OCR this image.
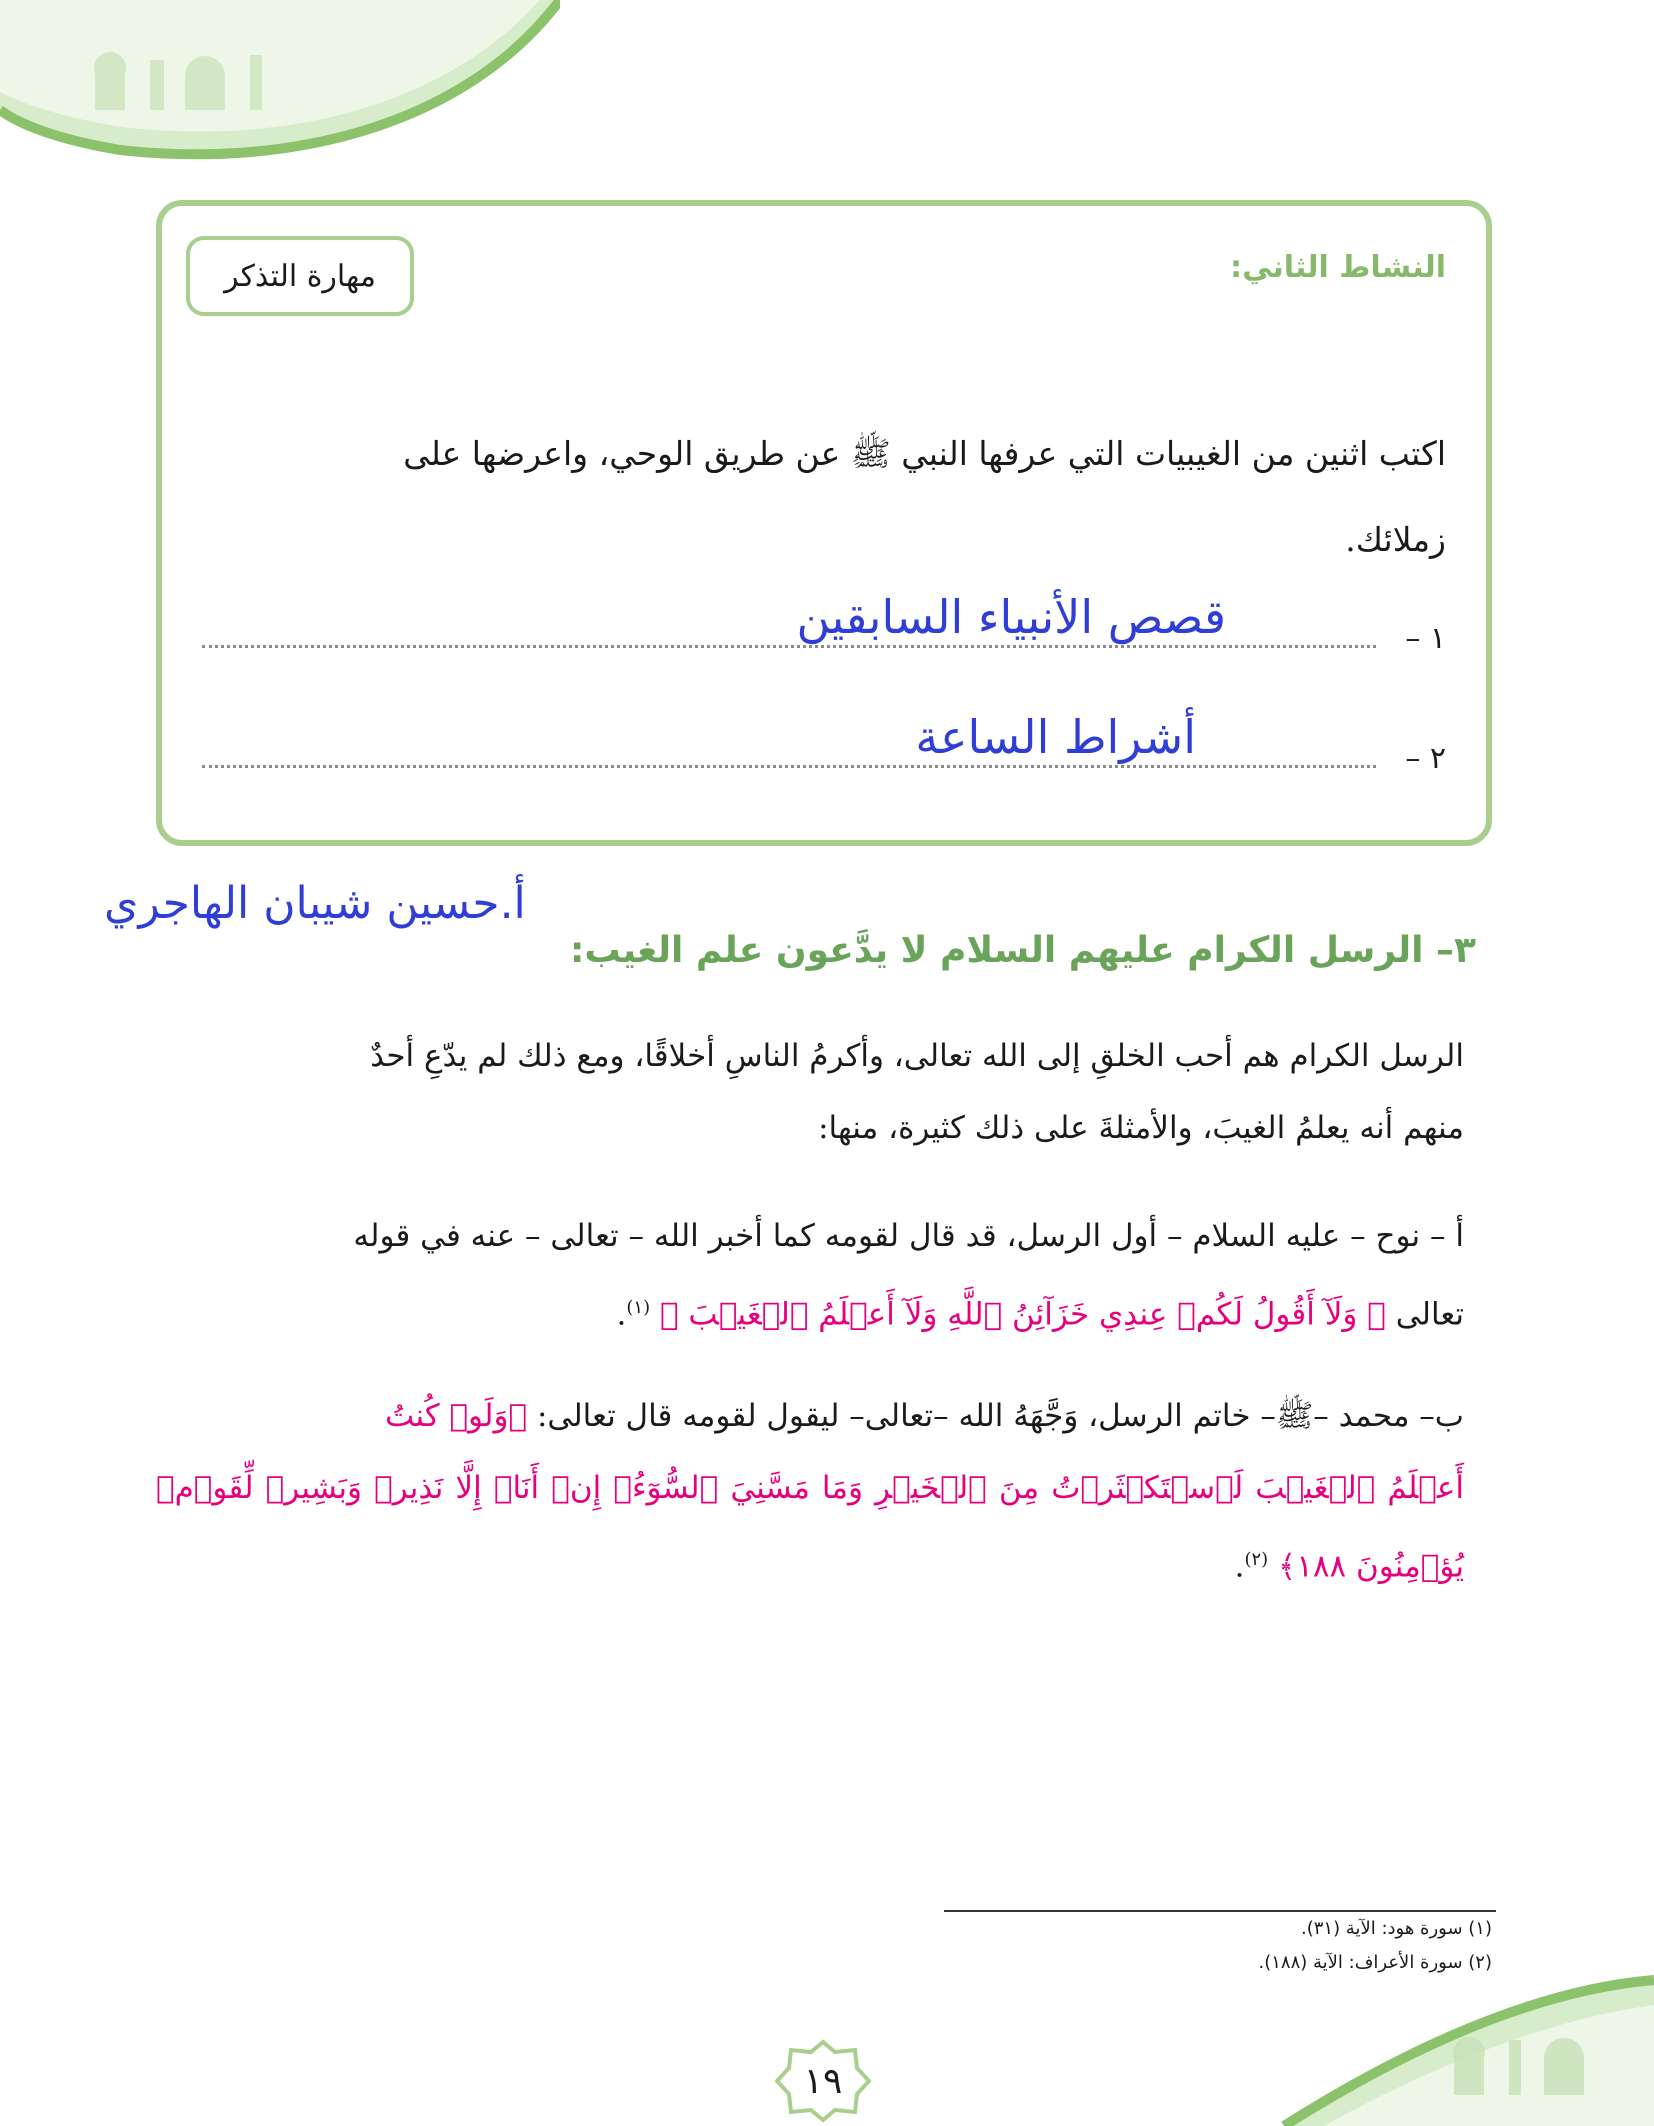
النشاط الثاني:
مهارة التذكر
اكتب اثنين من الغيبيات التي عرفها النبي ﷺ عن طريق الوحي، واعرضها على
زملائك.
١ –
قصص الأنبياء السابقين
٢ –
أشراط الساعة
أ.حسين شيبان الهاجري
٣– الرسل الكرام عليهم السلام لا يدَّعون علم الغيب:
الرسل الكرام هم أحب الخلقِ إلى الله تعالى، وأكرمُ الناسِ أخلاقًا، ومع ذلك لم يدّعِ أحدٌ
منهم أنه يعلمُ الغيبَ، والأمثلةَ على ذلك كثيرة، منها:
أ – نوح – عليه السلام – أول الرسل، قد قال لقومه كما أخبر الله – تعالى – عنه في قوله
تعالى ﴿ وَلَآ أَقُولُ لَكُمۡ عِندِي خَزَآئِنُ ٱللَّهِ وَلَآ أَعۡلَمُ ٱلۡغَيۡبَ ﴾ $^{(١)}$.
ب– محمد –ﷺ– خاتم الرسل، وَجَّهَهُ الله –تعالى– ليقول لقومه قال تعالى: ﴿وَلَوۡ كُنتُ
أَعۡلَمُ ٱلۡغَيۡبَ لَٱسۡتَكۡثَرۡتُ مِنَ ٱلۡخَيۡرِ وَمَا مَسَّنِيَ ٱلسُّوٓءُۚ إِنۡ أَنَا۠ إِلَّا نَذِيرٞ وَبَشِيرٞ لِّقَوۡمٖ يُؤۡمِنُونَ ١٨٨﴾ $^{(٢)}$.
(١) سورة هود: الآية (٣١).
(٢) سورة الأعراف: الآية (١٨٨).
١٩
